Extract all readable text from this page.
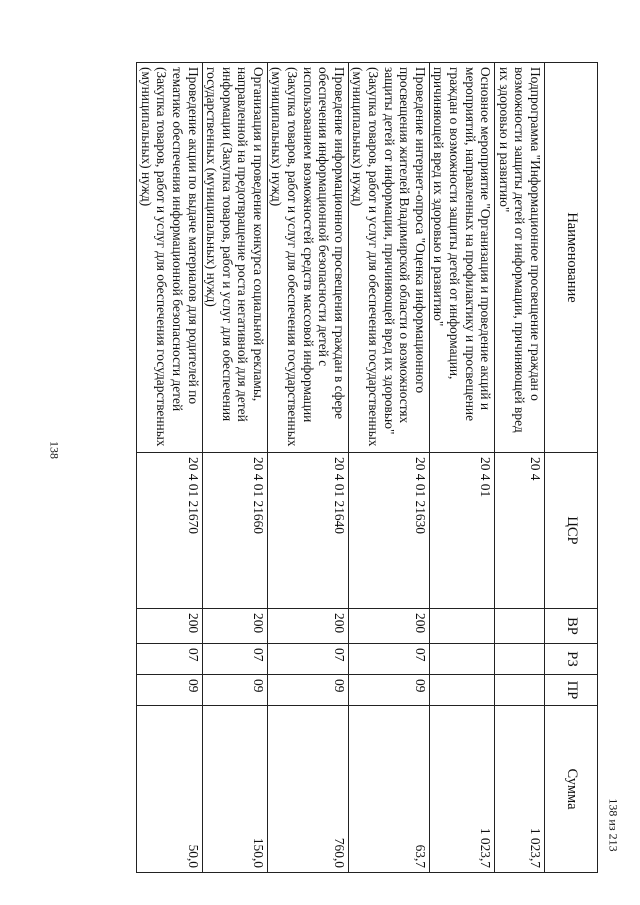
138
Наименование	ЦСР	ВР	РЗ	ПР	Сумма
Подпрограмма "Информационное просвещение граждан о возможности защиты детей от информации, причиняющей вред их здоровью и развитию"	20 4				1 023,7
Основное мероприятие "Организация и проведение акций и мероприятий, направленных на профилактику и просвещение граждан о возможности защиты детей от информации, причиняющей вред их здоровью и развитию"	20 4 01				1 023,7
Проведение интернет-опроса "Оценка информационного просвещения жителей Владимирской области о возможностях защиты детей от информации, причиняющей вред их здоровью" (Закупка товаров, работ и услуг для обеспечения государственных (муниципальных) нужд)	20 4 01 21630	200	07	09	63,7
Проведение информационного просвещения граждан в сфере обеспечения информационной безопасности детей с использованием возможностей средств массовой информации (Закупка товаров, работ и услуг для обеспечения государственных (муниципальных) нужд)	20 4 01 21640	200	07	09	760,0
Организация и проведение конкурса социальной рекламы, направленной на предотвращение роста негативной для детей информации (Закупка товаров, работ и услуг для обеспечения государственных (муниципальных) нужд)	20 4 01 21660	200	07	09	150,0
Проведение акции по выдаче материалов для родителей по тематике обеспечения информационной безопасности детей (Закупка товаров, работ и услуг для обеспечения государственных (муниципальных) нужд)	20 4 01 21670	200	07	09	50,0
138 из 213
